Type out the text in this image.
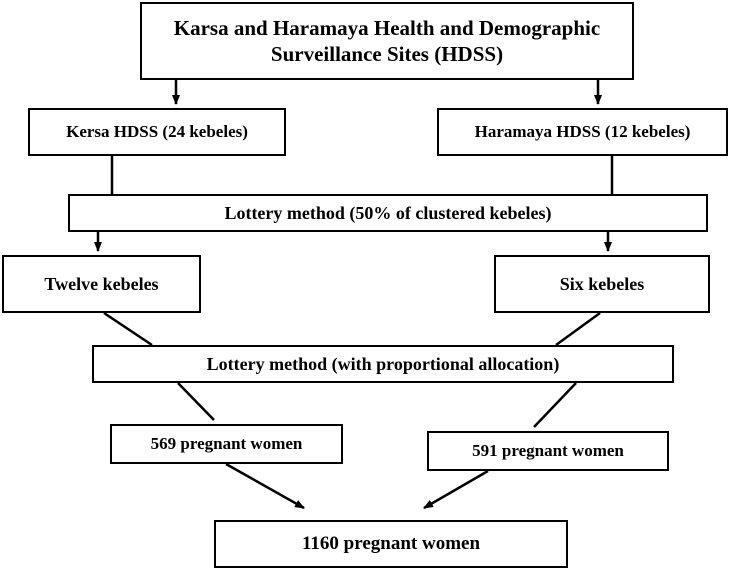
Karsa and Haramaya Health and Demographic Surveillance Sites (HDSS)
Kersa HDSS (24 kebeles)	Haramaya HDSS (12 kebeles)
Lottery method (50% of clustered kebeles)
Twelve kebeles	Six kebeles
Lottery method (with proportional allocation)
569 pregnant women	591 pregnant women
1160 pregnant women
